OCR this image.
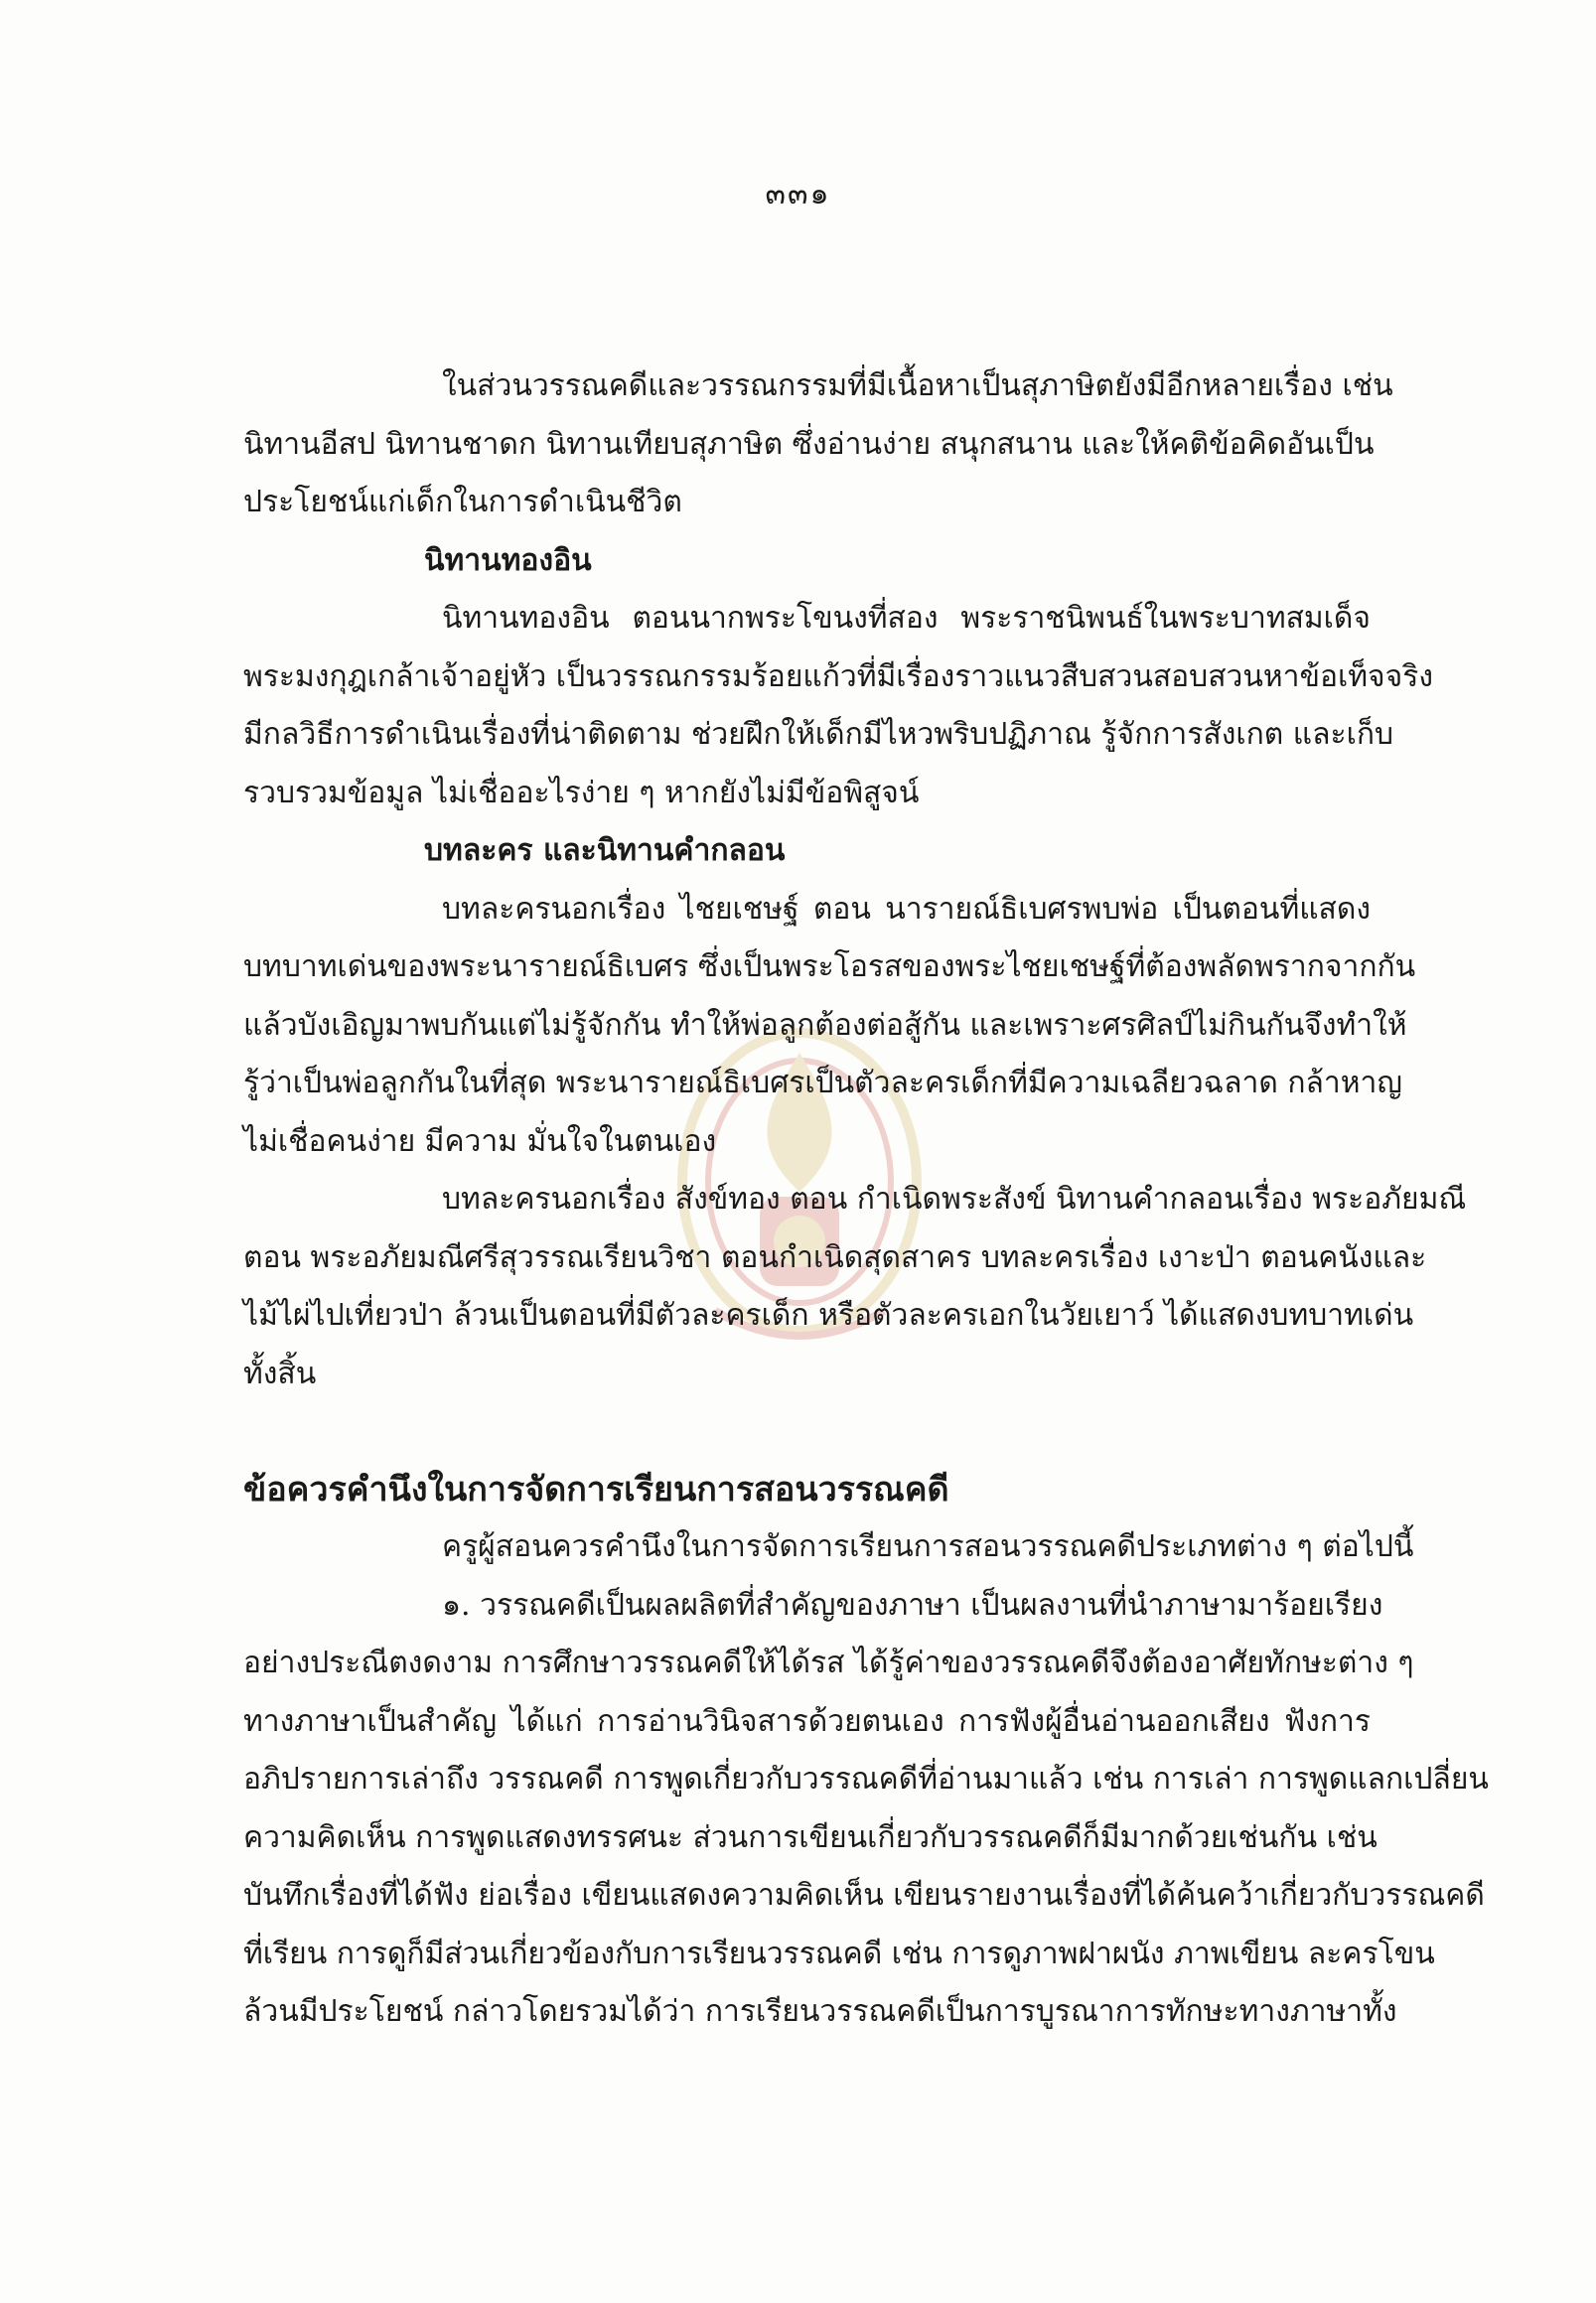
๓๓๑
ในส่วนวรรณคดีและวรรณกรรมที่มีเนื้อหาเป็นสุภาษิตยังมีอีกหลายเรื่อง เช่น
นิทานอีสป นิทานชาดก นิทานเทียบสุภาษิต ซึ่งอ่านง่าย สนุกสนาน และให้คติข้อคิดอันเป็น
ประโยชน์แก่เด็กในการดำเนินชีวิต
นิทานทองอิน
นิทานทองอิน ตอนนากพระโขนงที่สอง พระราชนิพนธ์ในพระบาทสมเด็จ
พระมงกุฎเกล้าเจ้าอยู่หัว เป็นวรรณกรรมร้อยแก้วที่มีเรื่องราวแนวสืบสวนสอบสวนหาข้อเท็จจริง
มีกลวิธีการดำเนินเรื่องที่น่าติดตาม ช่วยฝึกให้เด็กมีไหวพริบปฏิภาณ รู้จักการสังเกต และเก็บ
รวบรวมข้อมูล ไม่เชื่ออะไรง่าย ๆ หากยังไม่มีข้อพิสูจน์
บทละคร และนิทานคำกลอน
บทละครนอกเรื่อง ไชยเชษฐ์ ตอน นารายณ์ธิเบศรพบพ่อ เป็นตอนที่แสดง
บทบาทเด่นของพระนารายณ์ธิเบศร ซึ่งเป็นพระโอรสของพระไชยเชษฐ์ที่ต้องพลัดพรากจากกัน
แล้วบังเอิญมาพบกันแต่ไม่รู้จักกัน ทำให้พ่อลูกต้องต่อสู้กัน และเพราะศรศิลป์ไม่กินกันจึงทำให้
รู้ว่าเป็นพ่อลูกกันในที่สุด พระนารายณ์ธิเบศรเป็นตัวละครเด็กที่มีความเฉลียวฉลาด กล้าหาญ
ไม่เชื่อคนง่าย มีความ มั่นใจในตนเอง
บทละครนอกเรื่อง สังข์ทอง ตอน กำเนิดพระสังข์ นิทานคำกลอนเรื่อง พระอภัยมณี
ตอน พระอภัยมณีศรีสุวรรณเรียนวิชา ตอนกำเนิดสุดสาคร บทละครเรื่อง เงาะป่า ตอนคนังและ
ไม้ไผ่ไปเที่ยวป่า ล้วนเป็นตอนที่มีตัวละครเด็ก หรือตัวละครเอกในวัยเยาว์ ได้แสดงบทบาทเด่น
ทั้งสิ้น
ข้อควรคำนึงในการจัดการเรียนการสอนวรรณคดี
ครูผู้สอนควรคำนึงในการจัดการเรียนการสอนวรรณคดีประเภทต่าง ๆ ต่อไปนี้
๑. วรรณคดีเป็นผลผลิตที่สำคัญของภาษา เป็นผลงานที่นำภาษามาร้อยเรียง
อย่างประณีตงดงาม การศึกษาวรรณคดีให้ได้รส ได้รู้ค่าของวรรณคดีจึงต้องอาศัยทักษะต่าง ๆ
ทางภาษาเป็นสำคัญ ได้แก่ การอ่านวินิจสารด้วยตนเอง การฟังผู้อื่นอ่านออกเสียง ฟังการ
อภิปรายการเล่าถึง วรรณคดี การพูดเกี่ยวกับวรรณคดีที่อ่านมาแล้ว เช่น การเล่า การพูดแลกเปลี่ยน
ความคิดเห็น การพูดแสดงทรรศนะ ส่วนการเขียนเกี่ยวกับวรรณคดีก็มีมากด้วยเช่นกัน เช่น
บันทึกเรื่องที่ได้ฟัง ย่อเรื่อง เขียนแสดงความคิดเห็น เขียนรายงานเรื่องที่ได้ค้นคว้าเกี่ยวกับวรรณคดี
ที่เรียน การดูก็มีส่วนเกี่ยวข้องกับการเรียนวรรณคดี เช่น การดูภาพฝาผนัง ภาพเขียน ละครโขน
ล้วนมีประโยชน์ กล่าวโดยรวมได้ว่า การเรียนวรรณคดีเป็นการบูรณาการทักษะทางภาษาทั้ง
